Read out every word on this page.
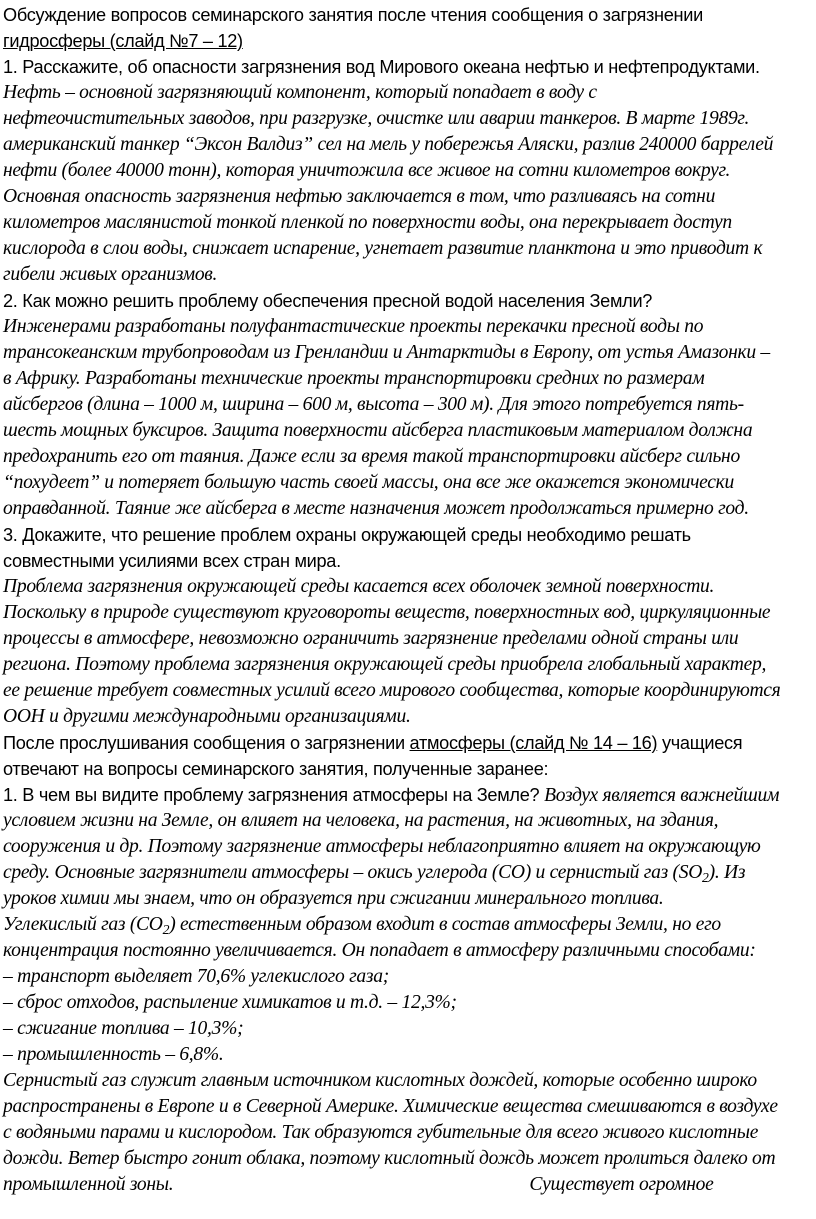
Обсуждение вопросов семинарского занятия после чтения сообщения о загрязнении
гидросферы (слайд №7 – 12)
1. Расскажите, об опасности загрязнения вод Мирового океана нефтью и нефтепродуктами.
Нефть – основной загрязняющий компонент, который попадает в воду с
нефтеочистительных заводов, при разгрузке, очистке или аварии танкеров. В марте 1989г.
американский танкер “Эксон Валдиз” сел на мель у побережья Аляски, разлив 240000 баррелей
нефти (более 40000 тонн), которая уничтожила все живое на сотни километров вокруг.
Основная опасность загрязнения нефтью заключается в том, что разливаясь на сотни
километров маслянистой тонкой пленкой по поверхности воды, она перекрывает доступ
кислорода в слои воды, снижает испарение, угнетает развитие планктона и это приводит к
гибели живых организмов.
2. Как можно решить проблему обеспечения пресной водой населения Земли?
Инженерами разработаны полуфантастические проекты перекачки пресной воды по
трансокеанским трубопроводам из Гренландии и Антарктиды в Европу, от устья Амазонки –
в Африку. Разработаны технические проекты транспортировки средних по размерам
айсбергов (длина – 1000 м, ширина – 600 м, высота – 300 м). Для этого потребуется пять-
шесть мощных буксиров. Защита поверхности айсберга пластиковым материалом должна
предохранить его от таяния. Даже если за время такой транспортировки айсберг сильно
“похудеет” и потеряет большую часть своей массы, она все же окажется экономически
оправданной. Таяние же айсберга в месте назначения может продолжаться примерно год.
3. Докажите, что решение проблем охраны окружающей среды необходимо решать
совместными усилиями всех стран мира.
Проблема загрязнения окружающей среды касается всех оболочек земной поверхности.
Поскольку в природе существуют круговороты веществ, поверхностных вод, циркуляционные
процессы в атмосфере, невозможно ограничить загрязнение пределами одной страны или
региона. Поэтому проблема загрязнения окружающей среды приобрела глобальный характер,
ее решение требует совместных усилий всего мирового сообщества, которые координируются
ООН и другими международными организациями.
После прослушивания сообщения о загрязнении атмосферы (слайд № 14 – 16) учащиеся
отвечают на вопросы семинарского занятия, полученные заранее:
1. В чем вы видите проблему загрязнения атмосферы на Земле? Воздух является важнейшим
условием жизни на Земле, он влияет на человека, на растения, на животных, на здания,
сооружения и др. Поэтому загрязнение атмосферы неблагоприятно влияет на окружающую
среду. Основные загрязнители атмосферы – окись углерода (СО) и сернистый газ $(SO_2)$. Из
уроков химии мы знаем, что он образуется при сжигании минерального топлива.
Углекислый газ $(СО_2)$ естественным образом входит в состав атмосферы Земли, но его
концентрация постоянно увеличивается. Он попадает в атмосферу различными способами:
– транспорт выделяет 70,6% углекислого газа;
– сброс отходов, распыление химикатов и т.д. – 12,3%;
– сжигание топлива – 10,3%;
– промышленность – 6,8%.
Сернистый газ служит главным источником кислотных дождей, которые особенно широко
распространены в Европе и в Северной Америке. Химические вещества смешиваются в воздухе
с водяными парами и кислородом. Так образуются губительные для всего живого кислотные
дожди. Ветер быстро гонит облака, поэтому кислотный дождь может пролиться далеко от
промышленной зоны.	Существует огромное
